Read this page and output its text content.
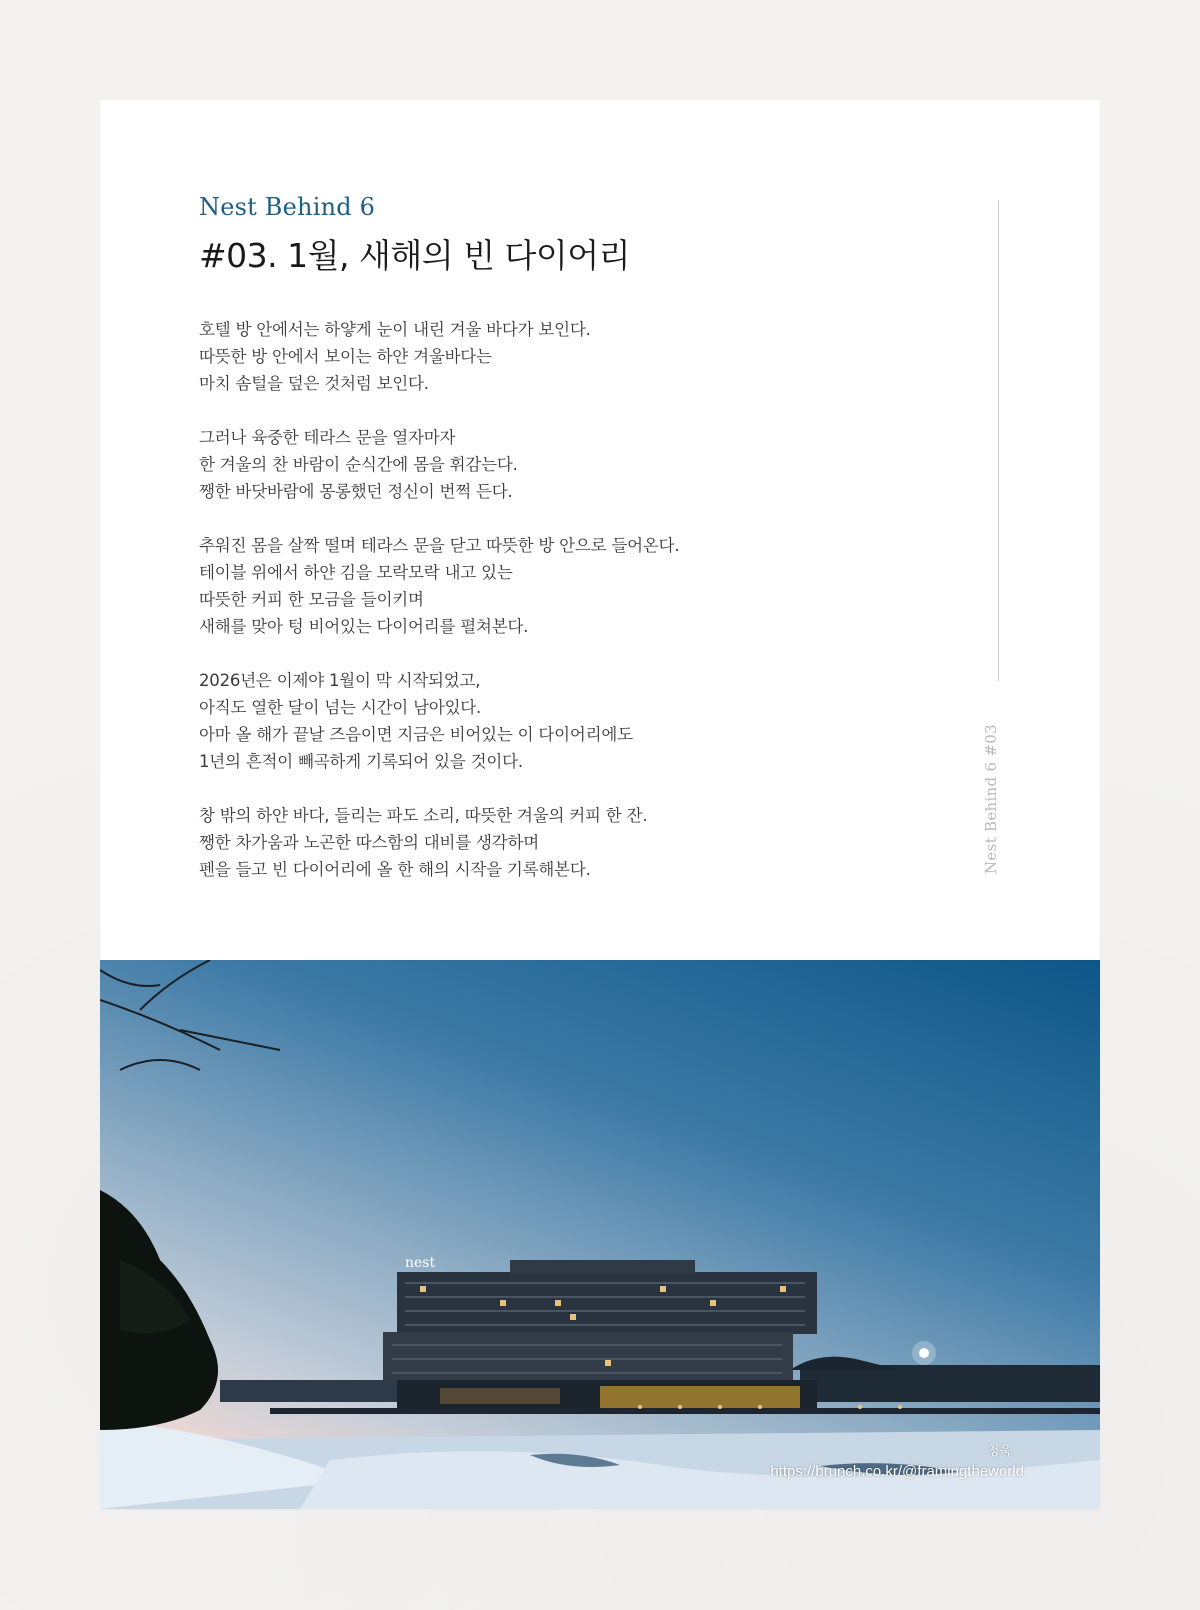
Nest Behind 6

#03. 1월, 새해의 빈 다이어리

호텔 방 안에서는 하얗게 눈이 내린 겨울 바다가 보인다.
따뜻한 방 안에서 보이는 하얀 겨울바다는
마치 솜털을 덮은 것처럼 보인다.

그러나 육중한 테라스 문을 열자마자
한 겨울의 찬 바람이 순식간에 몸을 휘감는다.
쨍한 바닷바람에 몽롱했던 정신이 번쩍 든다.

추워진 몸을 살짝 떨며 테라스 문을 닫고 따뜻한 방 안으로 들어온다.
테이블 위에서 하얀 김을 모락모락 내고 있는
따뜻한 커피 한 모금을 들이키며
새해를 맞아 텅 비어있는 다이어리를 펼쳐본다.

2026년은 이제야 1월이 막 시작되었고,
아직도 열한 달이 넘는 시간이 남아있다.
아마 올 해가 끝날 즈음이면 지금은 비어있는 이 다이어리에도
1년의 흔적이 빼곡하게 기록되어 있을 것이다.

창 밖의 하얀 바다, 들리는 파도 소리, 따뜻한 겨울의 커피 한 잔.
쨍한 차가움과 노곤한 따스함의 대비를 생각하며
펜을 들고 빈 다이어리에 올 한 해의 시작을 기록해본다.	Nest Behind 6 #03
nest
청욱
https://brunch.co.kr/@framingtheworld
